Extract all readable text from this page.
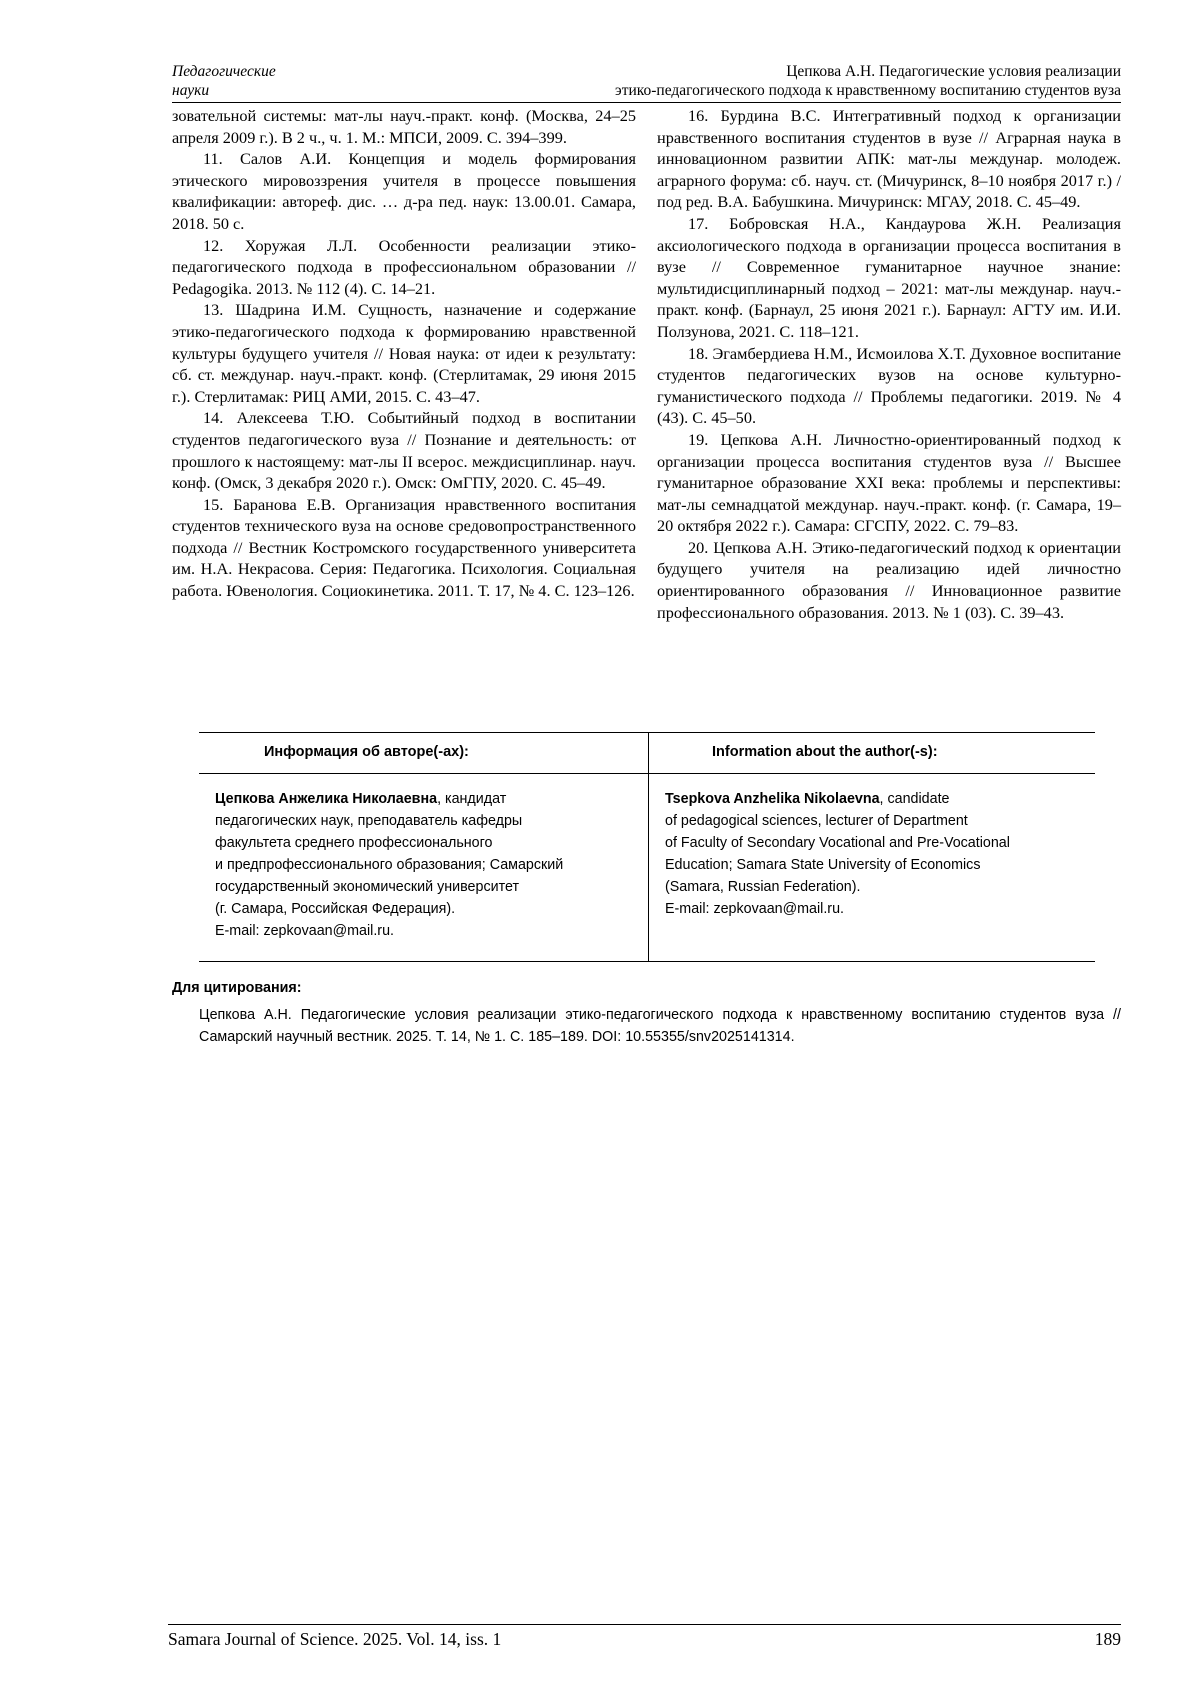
Педагогические
науки
Цепкова А.Н. Педагогические условия реализации
этико-педагогического подхода к нравственному воспитанию студентов вуза

зовательной системы: мат-лы науч.-практ. конф. (Москва, 24–25 апреля 2009 г.). В 2 ч., ч. 1. М.: МПСИ, 2009. С. 394–399.

11. Салов А.И. Концепция и модель формирования этического мировоззрения учителя в процессе повышения квалификации: автореф. дис. … д-ра пед. наук: 13.00.01. Самара, 2018. 50 с.

12. Хоружая Л.Л. Особенности реализации этико-педагогического подхода в профессиональном образовании // Pedagogika. 2013. № 112 (4). С. 14–21.

13. Шадрина И.М. Сущность, назначение и содержание этико-педагогического подхода к формированию нравственной культуры будущего учителя // Новая наука: от идеи к результату: сб. ст. междунар. науч.-практ. конф. (Стерлитамак, 29 июня 2015 г.). Стерлитамак: РИЦ АМИ, 2015. С. 43–47.

14. Алексеева Т.Ю. Событийный подход в воспитании студентов педагогического вуза // Познание и деятельность: от прошлого к настоящему: мат-лы II всерос. междисциплинар. науч. конф. (Омск, 3 декабря 2020 г.). Омск: ОмГПУ, 2020. С. 45–49.

15. Баранова Е.В. Организация нравственного воспитания студентов технического вуза на основе средовопространственного подхода // Вестник Костромского государственного университета им. Н.А. Некрасова. Серия: Педагогика. Психология. Социальная работа. Ювенология. Социокинетика. 2011. Т. 17, № 4. С. 123–126.

16. Бурдина В.С. Интегративный подход к организации нравственного воспитания студентов в вузе // Аграрная наука в инновационном развитии АПК: мат-лы междунар. молодеж. аграрного форума: сб. науч. ст. (Мичуринск, 8–10 ноября 2017 г.) / под ред. В.А. Бабушкина. Мичуринск: МГАУ, 2018. С. 45–49.

17. Бобровская Н.А., Кандаурова Ж.Н. Реализация аксиологического подхода в организации процесса воспитания в вузе // Современное гуманитарное научное знание: мультидисциплинарный подход – 2021: мат-лы междунар. науч.-практ. конф. (Барнаул, 25 июня 2021 г.). Барнаул: АГТУ им. И.И. Ползунова, 2021. С. 118–121.

18. Эгамбердиева Н.М., Исмоилова Х.Т. Духовное воспитание студентов педагогических вузов на основе культурно-гуманистического подхода // Проблемы педагогики. 2019. № 4 (43). С. 45–50.

19. Цепкова А.Н. Личностно-ориентированный подход к организации процесса воспитания студентов вуза // Высшее гуманитарное образование XXI века: проблемы и перспективы: мат-лы семнадцатой междунар. науч.-практ. конф. (г. Самара, 19–20 октября 2022 г.). Самара: СГСПУ, 2022. С. 79–83.

20. Цепкова А.Н. Этико-педагогический подход к ориентации будущего учителя на реализацию идей личностно ориентированного образования // Инновационное развитие профессионального образования. 2013. № 1 (03). С. 39–43.

Информация об авторе(-ах):	Information about the author(-s):
Цепкова Анжелика Николаевна, кандидат
педагогических наук, преподаватель кафедры
факультета среднего профессионального
и предпрофессионального образования; Самарский
государственный экономический университет
(г. Самара, Российская Федерация).
E-mail: zepkovaan@mail.ru.
Tsepkova Anzhelika Nikolaevna, candidate
of pedagogical sciences, lecturer of Department
of Faculty of Secondary Vocational and Pre-Vocational
Education; Samara State University of Economics
(Samara, Russian Federation).
E-mail: zepkovaan@mail.ru.
Для цитирования:
Цепкова А.Н. Педагогические условия реализации этико-педагогического подхода к нравственному воспитанию студентов вуза // Самарский научный вестник. 2025. Т. 14, № 1. С. 185–189. DOI: 10.55355/snv2025141314.
Samara Journal of Science. 2025. Vol. 14, iss. 1	189
